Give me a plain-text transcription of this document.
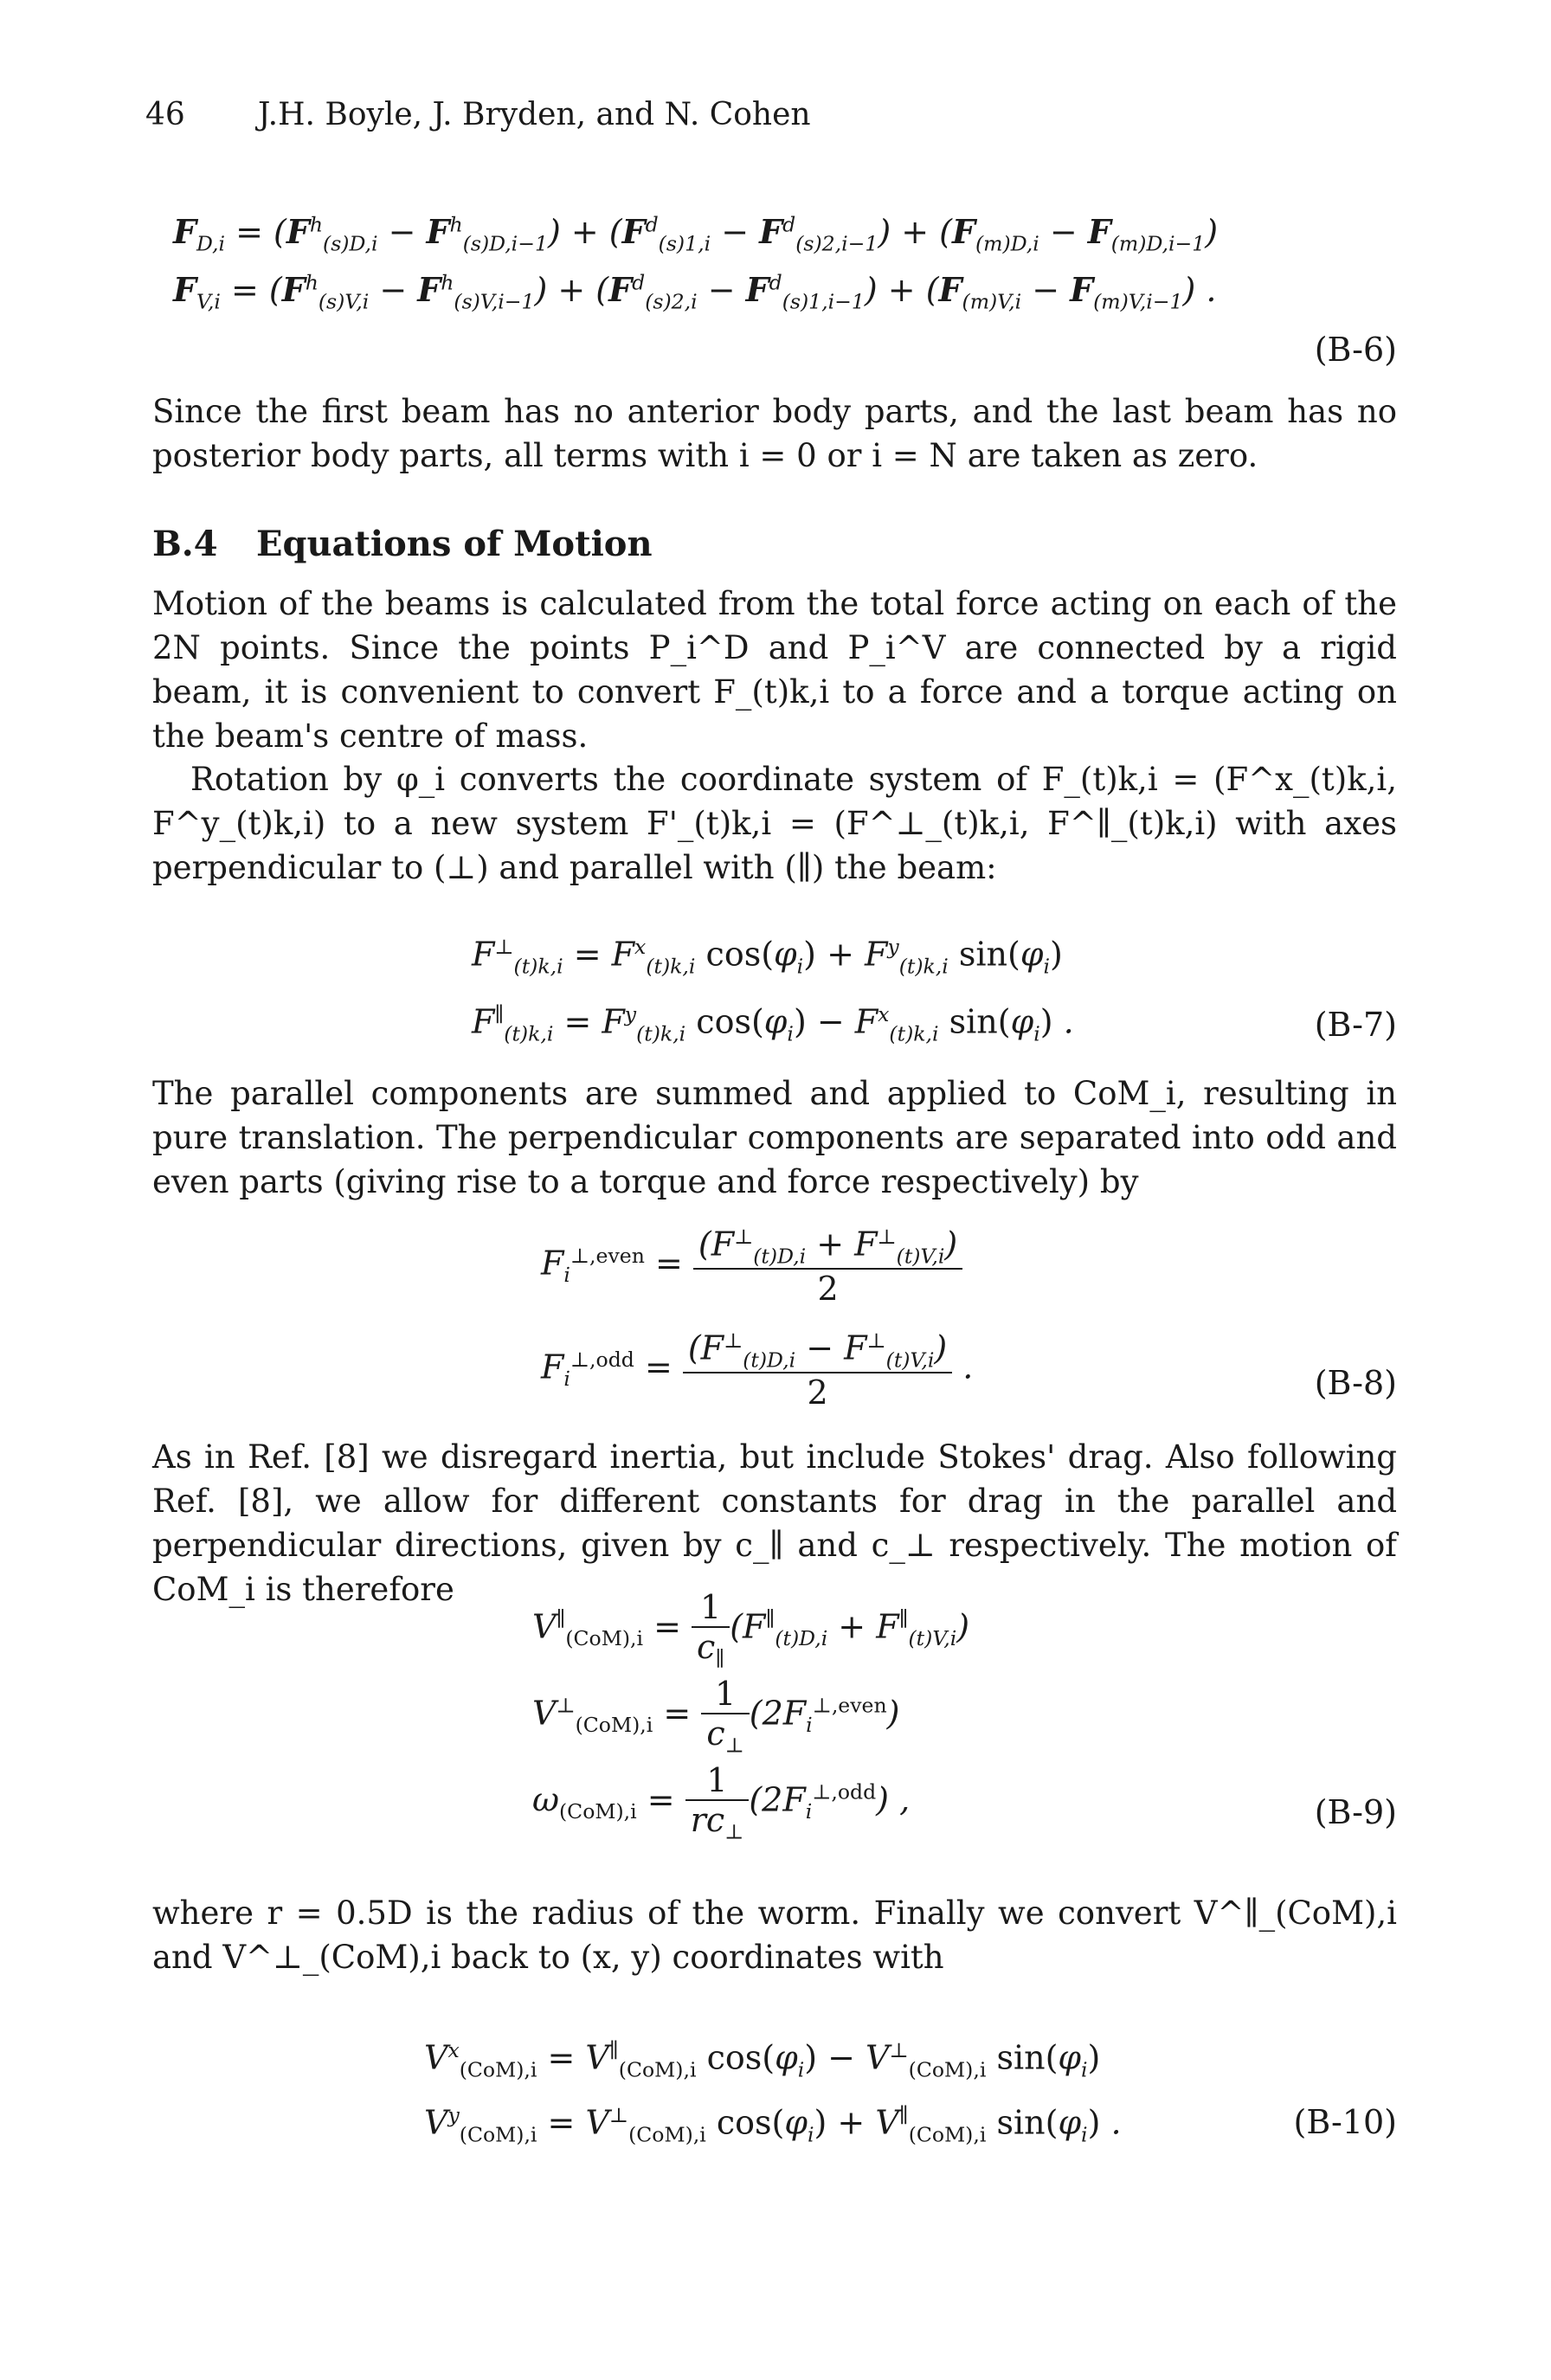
46 J.H. Boyle, J. Bryden, and N. Cohen
$F_{D,i} = (F^h_{(s)D,i} - F^h_{(s)D,i-1}) + (F^d_{(s)1,i} - F^d_{(s)2,i-1}) + (F_{(m)D,i} - F_{(m)D,i-1})$
$F_{V,i} = (F^h_{(s)V,i} - F^h_{(s)V,i-1}) + (F^d_{(s)2,i} - F^d_{(s)1,i-1}) + (F_{(m)V,i} - F_{(m)V,i-1})$ .
(B-6)
Since the first beam has no anterior body parts, and the last beam has no posterior body parts, all terms with i = 0 or i = N are taken as zero.
B.4 Equations of Motion
Motion of the beams is calculated from the total force acting on each of the 2N points. Since the points P_i^D and P_i^V are connected by a rigid beam, it is convenient to convert F_(t)k,i to a force and a torque acting on the beam's centre of mass.
Rotation by φ_i converts the coordinate system of F_(t)k,i = (F^x_(t)k,i, F^y_(t)k,i) to a new system F'_(t)k,i = (F^⊥_(t)k,i, F^∥_(t)k,i) with axes perpendicular to (⊥) and parallel with (∥) the beam:
$F^\perp_{(t)k,i} = F^x_{(t)k,i}$ $\cos(\varphi_i) + F^y_{(t)k,i}$ $\sin(\varphi_i)$
$F^\parallel_{(t)k,i} = F^y_{(t)k,i}$ $\cos(\varphi_i) - F^x_{(t)k,i}$ $\sin(\varphi_i)$ .	(B-7)
The parallel components are summed and applied to CoM_i, resulting in pure translation. The perpendicular components are separated into odd and even parts (giving rise to a torque and force respectively) by
$F_i^{\perp,even} = \frac{(F^\perp_{(t)D,i} + F^\perp_{(t)V,i})}{2}$
$F_i^{\perp,odd} = \frac{(F^\perp_{(t)D,i} - F^\perp_{(t)V,i})}{2}$ .	(B-8)
As in Ref. [8] we disregard inertia, but include Stokes' drag. Also following Ref. [8], we allow for different constants for drag in the parallel and perpendicular directions, given by c_∥ and c_⊥ respectively. The motion of CoM_i is therefore
$V^\parallel_{(CoM),i} = \frac{1}{c_\parallel} (F^\parallel_{(t)D,i} + F^\parallel_{(t)V,i})$
$V^\perp_{(CoM),i} = \frac{1}{c_\perp} (2F_i^{\perp,even})$
$\omega_{(CoM),i} = \frac{1}{rc_\perp} (2F_i^{\perp,odd})$ ,	(B-9)
where r = 0.5D is the radius of the worm. Finally we convert V^∥_(CoM),i and V^⊥_(CoM),i back to (x, y) coordinates with
$V^x_{(CoM),i} = V^\parallel_{(CoM),i}$ $\cos(\varphi_i) - V^\perp_{(CoM),i}$ $\sin(\varphi_i)$
$V^y_{(CoM),i} = V^\perp_{(CoM),i}$ $\cos(\varphi_i) + V^\parallel_{(CoM),i}$ $\sin(\varphi_i)$ .	(B-10)
